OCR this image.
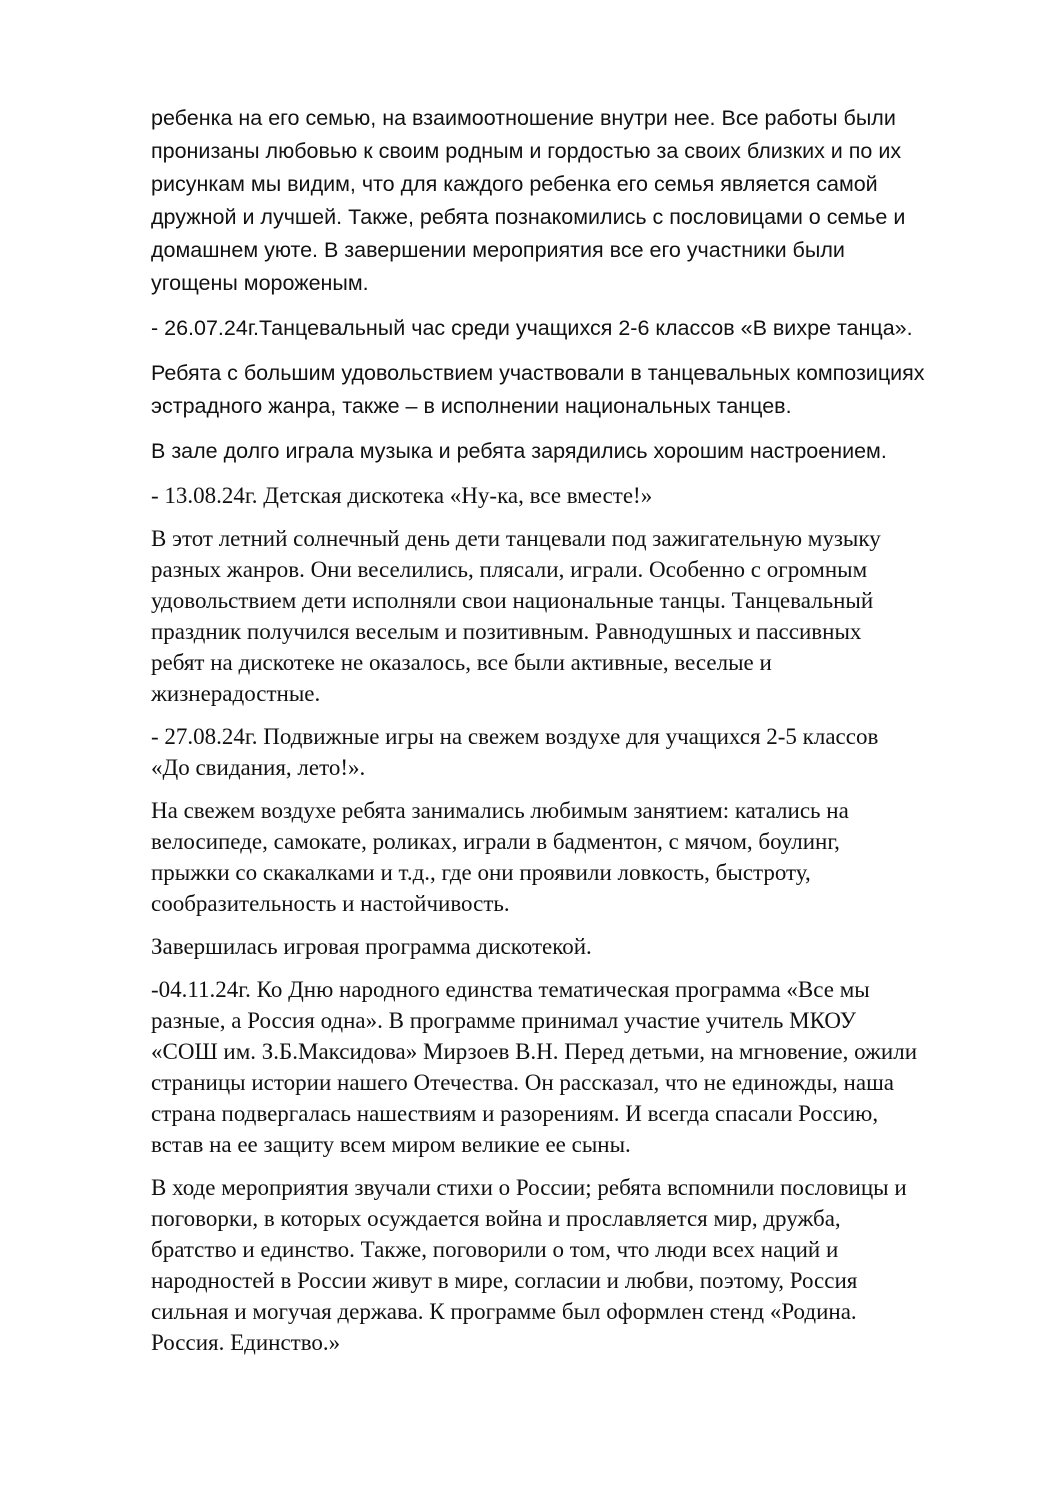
ребенка на его семью, на взаимоотношение внутри нее. Все работы были
пронизаны любовью к своим родным и гордостью за своих близких и по их
рисункам мы видим, что для каждого ребенка его семья является самой
дружной и лучшей. Также, ребята познакомились с пословицами о семье и
домашнем уюте. В завершении мероприятия все его участники были
угощены мороженым.

- 26.07.24г.Танцевальный час среди учащихся 2-6 классов «В вихре танца».

Ребята с большим удовольствием участвовали в танцевальных композициях
эстрадного жанра, также – в исполнении национальных танцев.

В зале долго играла музыка и ребята зарядились хорошим настроением.

- 13.08.24г. Детская дискотека «Ну-ка, все вместе!»

В этот летний солнечный день дети танцевали под зажигательную музыку
разных жанров. Они веселились, плясали, играли. Особенно с огромным
удовольствием дети исполняли свои национальные танцы. Танцевальный
праздник получился веселым и позитивным. Равнодушных и пассивных
ребят на дискотеке не оказалось, все были активные, веселые и
жизнерадостные.

- 27.08.24г. Подвижные игры на свежем воздухе для учащихся 2-5 классов
«До свидания, лето!».

На свежем воздухе ребята занимались любимым занятием: катались на
велосипеде, самокате, роликах, играли в бадментон, с мячом, боулинг,
прыжки со скакалками и т.д., где они проявили ловкость, быстроту,
сообразительность и настойчивость.

Завершилась игровая программа дискотекой.

-04.11.24г. Ко Дню народного единства тематическая программа «Все мы
разные, а Россия одна». В программе принимал участие учитель МКОУ
«СОШ им. З.Б.Максидова» Мирзоев В.Н. Перед детьми, на мгновение, ожили
страницы истории нашего Отечества. Он рассказал, что не единожды, наша
страна подвергалась нашествиям и разорениям. И всегда спасали Россию,
встав на ее защиту всем миром великие ее сыны.

В ходе мероприятия звучали стихи о России; ребята вспомнили пословицы и
поговорки, в которых осуждается война и прославляется мир, дружба,
братство и единство. Также, поговорили о том, что люди всех наций и
народностей в России живут в мире, согласии и любви, поэтому, Россия
сильная и могучая держава. К программе был оформлен стенд «Родина.
Россия. Единство.»
